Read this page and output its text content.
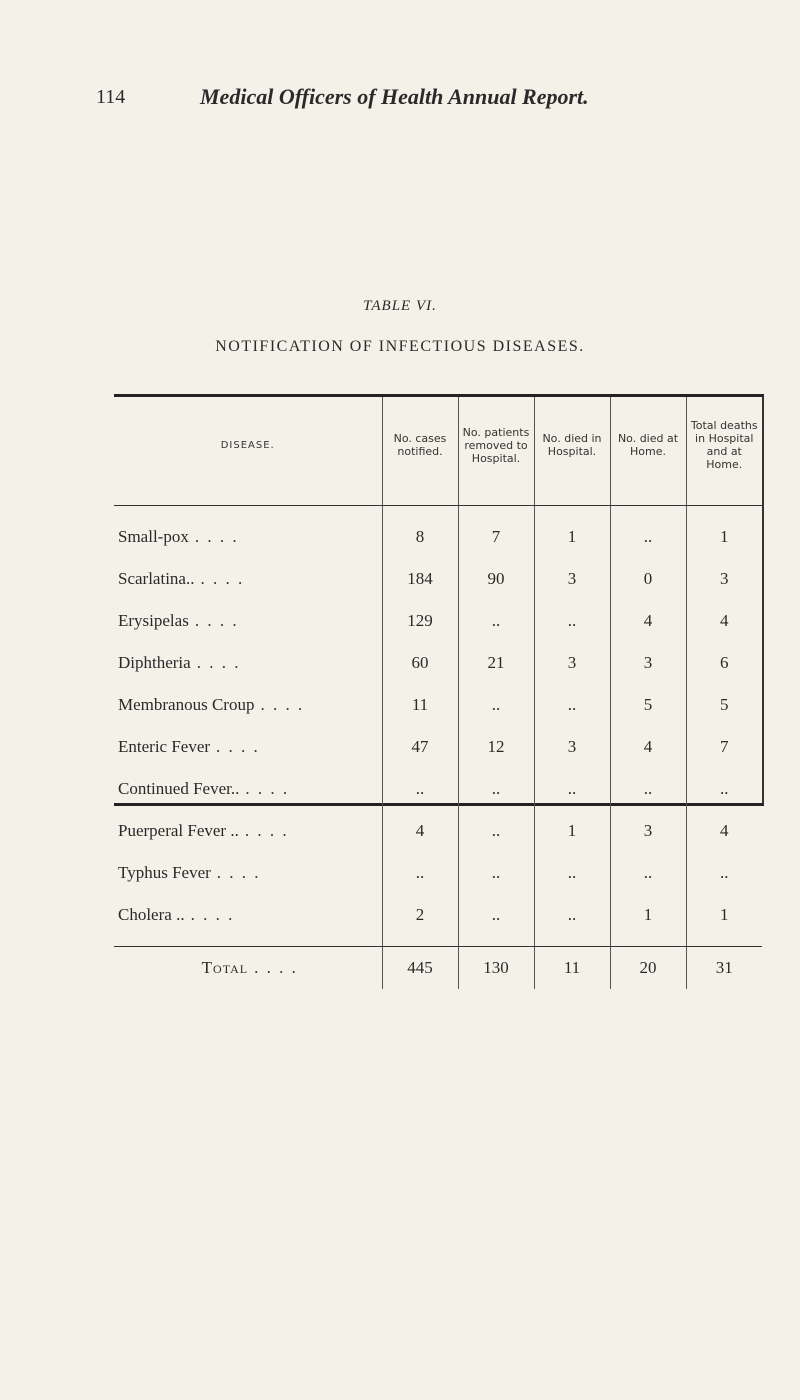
114	Medical Officers of Health Annual Report.
TABLE VI.
NOTIFICATION OF INFECTIOUS DISEASES.
DISEASE.	No. cases notified.	No. patients removed to Hospital.	No. died in Hospital.	No. died at Home.	Total deaths in Hospital and at Home.

Small-pox . . . .	8	7	1	..	1
Scarlatina.. . . . .	184	90	3	0	3
Erysipelas . . . .	129	..	..	4	4
Diphtheria . . . .	60	21	3	3	6
Membranous Croup . . . .	11	..	..	5	5
Enteric Fever . . . .	47	12	3	4	7
Continued Fever.. . . . .	..	..	..	..	..
Puerperal Fever .. . . . .	4	..	1	3	4
Typhus Fever . . . .	..	..	..	..	..
Cholera .. . . . .	2	..	..	1	1

Total . . . .	445	130	11	20	31
